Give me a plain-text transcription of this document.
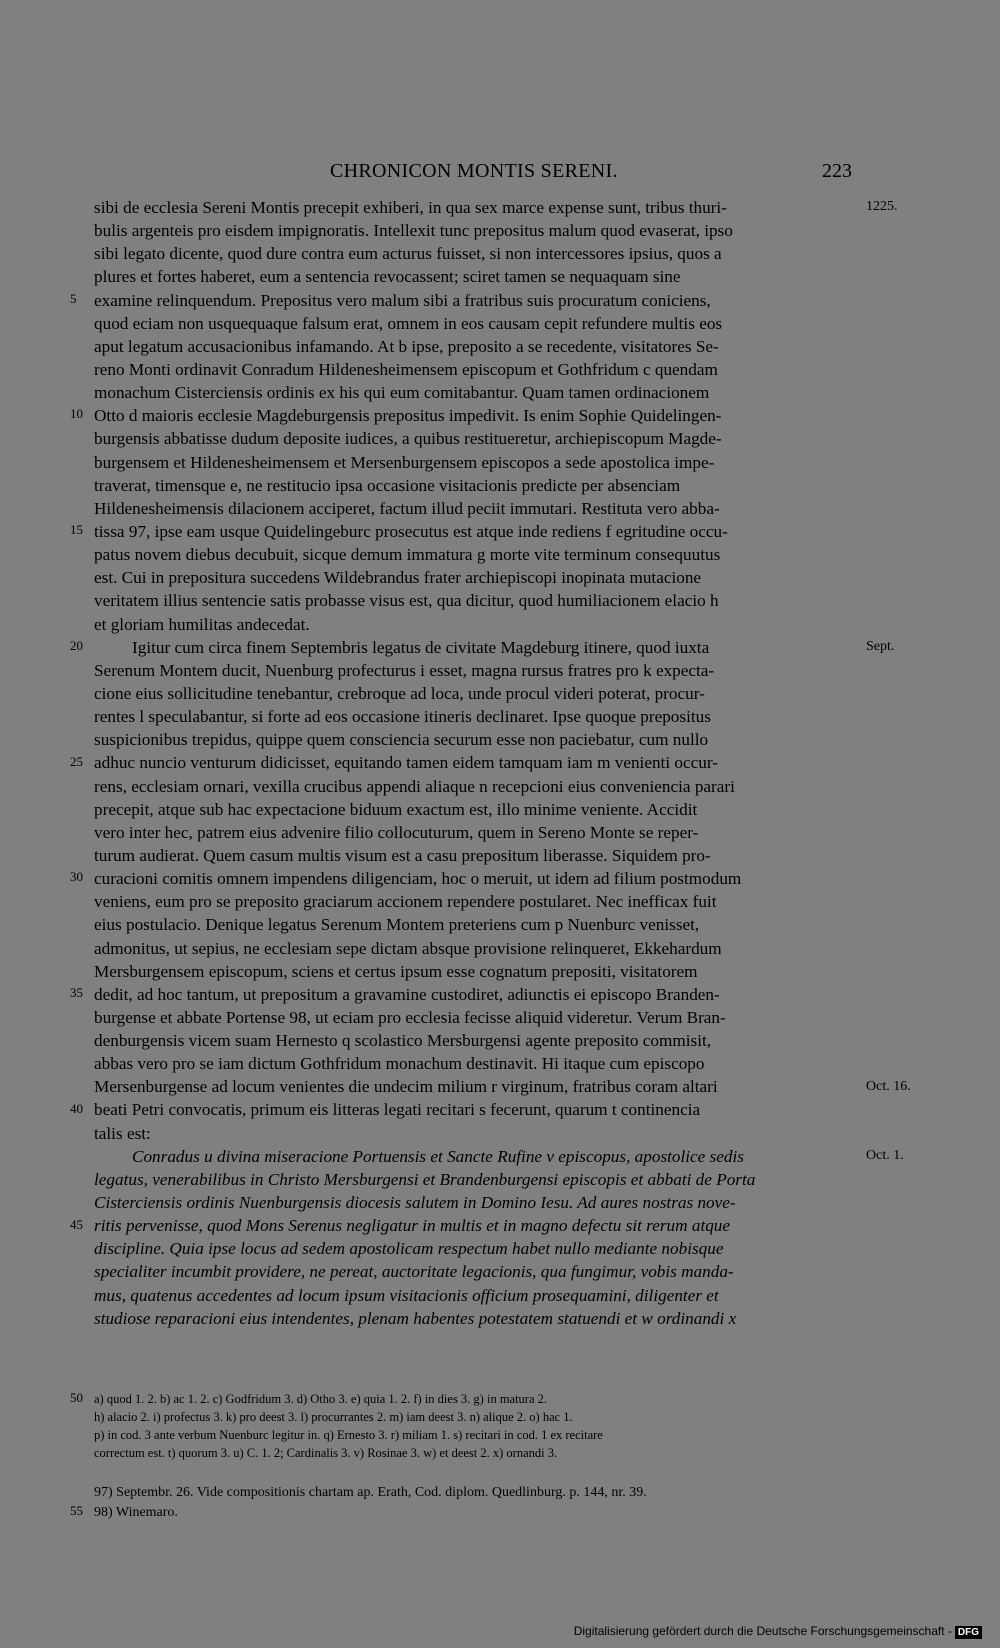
CHRONICON MONTIS SERENI.	223
sibi de ecclesia Sereni Montis precepit exhiberi, in qua sex marce expense sunt, tribus thuri-
bulis argenteis pro eisdem impignoratis. Intellexit tunc prepositus malum quod evaserat, ipso
sibi legato dicente, quod dure contra eum acturus fuisset, si non intercessores ipsius, quos a
plures et fortes haberet, eum a sentencia revocassent; sciret tamen se nequaquam sine
examine relinquendum. Prepositus vero malum sibi a fratribus suis procuratum coniciens,
quod eciam non usquequaque falsum erat, omnem in eos causam cepit refundere multis eos
aput legatum accusacionibus infamando. At b ipse, preposito a se recedente, visitatores Se-
reno Monti ordinavit Conradum Hildenesheimensem episcopum et Gothfridum c quendam
monachum Cisterciensis ordinis ex his qui eum comitabantur. Quam tamen ordinacionem
Otto d maioris ecclesie Magdeburgensis prepositus impedivit. Is enim Sophie Quidelingen-
burgensis abbatisse dudum deposite iudices, a quibus restitueretur, archiepiscopum Magde-
burgensem et Hildenesheimensem et Mersenburgensem episcopos a sede apostolica impe-
traverat, timensque e, ne restitucio ipsa occasione visitacionis predicte per absenciam
Hildenesheimensis dilacionem acciperet, factum illud peciit immutari. Restituta vero abba-
tissa 97, ipse eam usque Quidelingeburc prosecutus est atque inde rediens f egritudine occu-
patus novem diebus decubuit, sicque demum immatura g morte vite terminum consequutus
est. Cui in prepositura succedens Wildebrandus frater archiepiscopi inopinata mutacione
veritatem illius sentencie satis probasse visus est, qua dicitur, quod humiliacionem elacio h
et gloriam humilitas andecedat.
Igitur cum circa finem Septembris legatus de civitate Magdeburg itinere, quod iuxta
Serenum Montem ducit, Nuenburg profecturus i esset, magna rursus fratres pro k expecta-
cione eius sollicitudine tenebantur, crebroque ad loca, unde procul videri poterat, procur-
rentes l speculabantur, si forte ad eos occasione itineris declinaret. Ipse quoque prepositus
suspicionibus trepidus, quippe quem consciencia securum esse non paciebatur, cum nullo
adhuc nuncio venturum didicisset, equitando tamen eidem tamquam iam m venienti occur-
rens, ecclesiam ornari, vexilla crucibus appendi aliaque n recepcioni eius conveniencia parari
precepit, atque sub hac expectacione biduum exactum est, illo minime veniente. Accidit
vero inter hec, patrem eius advenire filio collocuturum, quem in Sereno Monte se reper-
turum audierat. Quem casum multis visum est a casu prepositum liberasse. Siquidem pro-
curacioni comitis omnem impendens diligenciam, hoc o meruit, ut idem ad filium postmodum
veniens, eum pro se preposito graciarum accionem rependere postularet. Nec inefficax fuit
eius postulacio. Denique legatus Serenum Montem preteriens cum p Nuenburc venisset,
admonitus, ut sepius, ne ecclesiam sepe dictam absque provisione relinqueret, Ekkehardum
Mersburgensem episcopum, sciens et certus ipsum esse cognatum prepositi, visitatorem
dedit, ad hoc tantum, ut prepositum a gravamine custodiret, adiunctis ei episcopo Branden-
burgense et abbate Portense 98, ut eciam pro ecclesia fecisse aliquid videretur. Verum Bran-
denburgensis vicem suam Hernesto q scolastico Mersburgensi agente preposito commisit,
abbas vero pro se iam dictum Gothfridum monachum destinavit. Hi itaque cum episcopo
Mersenburgense ad locum venientes die undecim milium r virginum, fratribus coram altari
beati Petri convocatis, primum eis litteras legati recitari s fecerunt, quarum t continencia
talis est:
Conradus u divina miseracione Portuensis et Sancte Rufine v episcopus, apostolice sedis
legatus, venerabilibus in Christo Mersburgensi et Brandenburgensi episcopis et abbati de Porta
Cisterciensis ordinis Nuenburgensis diocesis salutem in Domino Iesu. Ad aures nostras nove-
ritis pervenisse, quod Mons Serenus negligatur in multis et in magno defectu sit rerum atque
discipline. Quia ipse locus ad sedem apostolicam respectum habet nullo mediante nobisque
specialiter incumbit providere, ne pereat, auctoritate legacionis, qua fungimur, vobis manda-
mus, quatenus accedentes ad locum ipsum visitacionis officium prosequamini, diligenter et
studiose reparacioni eius intendentes, plenam habentes potestatem statuendi et w ordinandi x
5
10
15
20
25
30
35
40
45
1225.
Sept.
Oct. 16.
Oct. 1.
50 a) quod 1. 2. b) ac 1. 2. c) Godfridum 3. d) Otho 3. e) quia 1. 2. f) in dies 3. g) in matura 2.
h) alacio 2. i) profectus 3. k) pro deest 3. l) procurrantes 2. m) iam deest 3. n) alique 2. o) hac 1.
p) in cod. 3 ante verbum Nuenburc legitur in. q) Ernesto 3. r) miliam 1. s) recitari in cod. 1 ex recitare
correctum est. t) quorum 3. u) C. 1. 2; Cardinalis 3. v) Rosinae 3. w) et deest 2. x) ornandi 3.
55
97) Septembr. 26. Vide compositionis chartam ap. Erath, Cod. diplom. Quedlinburg. p. 144, nr. 39.
98) Winemaro.
Digitalisierung gefördert durch die Deutsche Forschungsgemeinschaft - DFG
